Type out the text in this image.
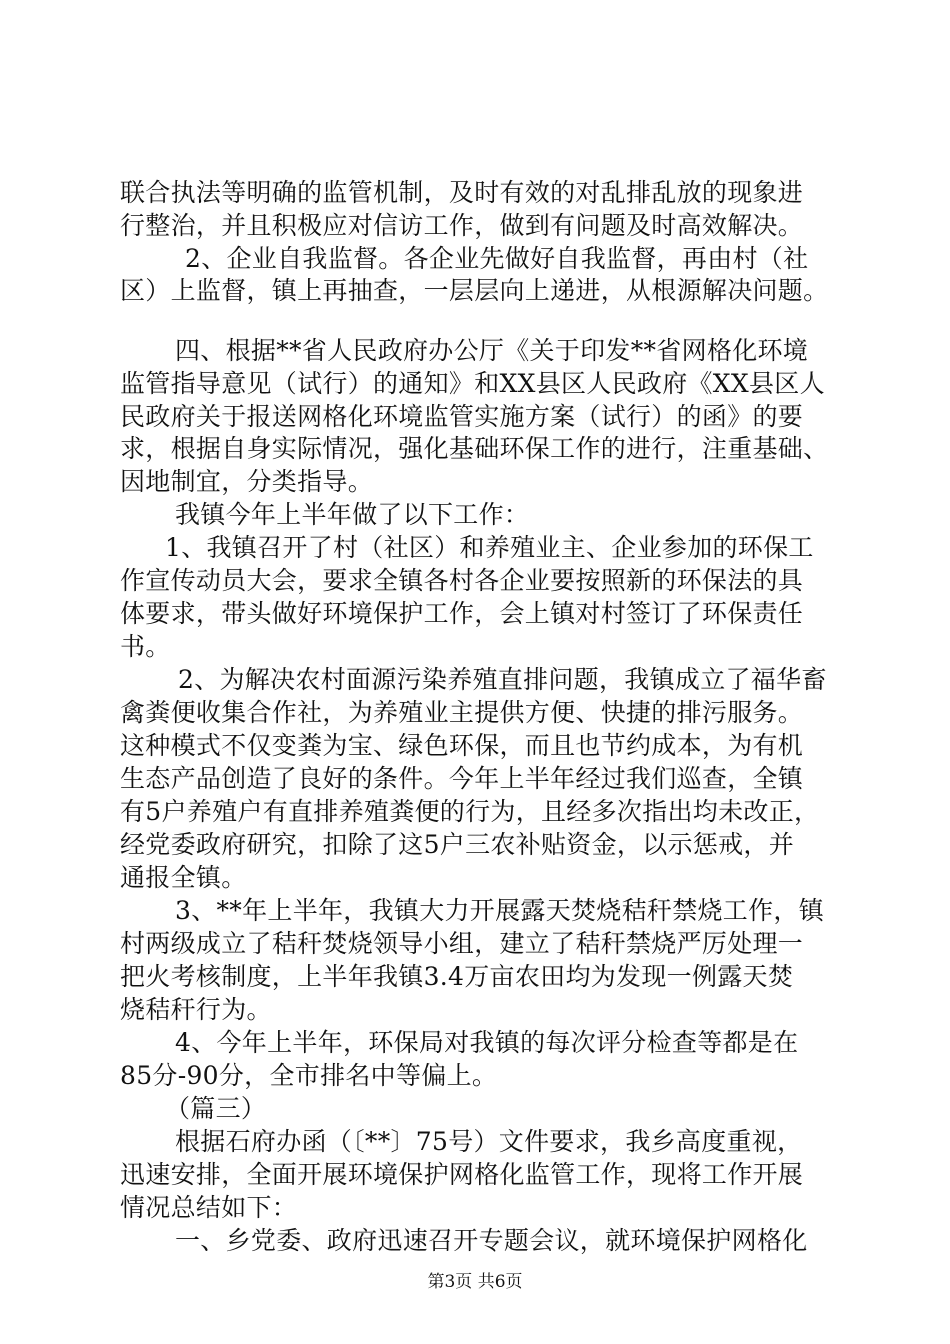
联合执法等明确的监管机制，及时有效的对乱排乱放的现象进
行整治，并且积极应对信访工作，做到有问题及时高效解决。
2、企业自我监督。各企业先做好自我监督，再由村（社
区）上监督，镇上再抽查，一层层向上递进，从根源解决问题。
四、根据**省人民政府办公厅《关于印发**省网格化环境
监管指导意见（试行）的通知》和XX县区人民政府《XX县区人
民政府关于报送网格化环境监管实施方案（试行）的函》的要
求，根据自身实际情况，强化基础环保工作的进行，注重基础、
因地制宜，分类指导。
我镇今年上半年做了以下工作：
1、我镇召开了村（社区）和养殖业主、企业参加的环保工
作宣传动员大会，要求全镇各村各企业要按照新的环保法的具
体要求，带头做好环境保护工作，会上镇对村签订了环保责任
书。
2、为解决农村面源污染养殖直排问题，我镇成立了福华畜
禽粪便收集合作社，为养殖业主提供方便、快捷的排污服务。
这种模式不仅变粪为宝、绿色环保，而且也节约成本，为有机
生态产品创造了良好的条件。今年上半年经过我们巡查，全镇
有5户养殖户有直排养殖粪便的行为，且经多次指出均未改正，
经党委政府研究，扣除了这5户三农补贴资金，以示惩戒，并
通报全镇。
3、**年上半年，我镇大力开展露天焚烧秸秆禁烧工作，镇
村两级成立了秸秆焚烧领导小组，建立了秸秆禁烧严厉处理一
把火考核制度，上半年我镇3.4万亩农田均为发现一例露天焚
烧秸秆行为。
4、今年上半年，环保局对我镇的每次评分检查等都是在
85分-90分，全市排名中等偏上。
（篇三）
根据石府办函（〔**〕75号）文件要求，我乡高度重视，
迅速安排，全面开展环境保护网格化监管工作，现将工作开展
情况总结如下：
一、乡党委、政府迅速召开专题会议，就环境保护网格化
第3页 共6页
